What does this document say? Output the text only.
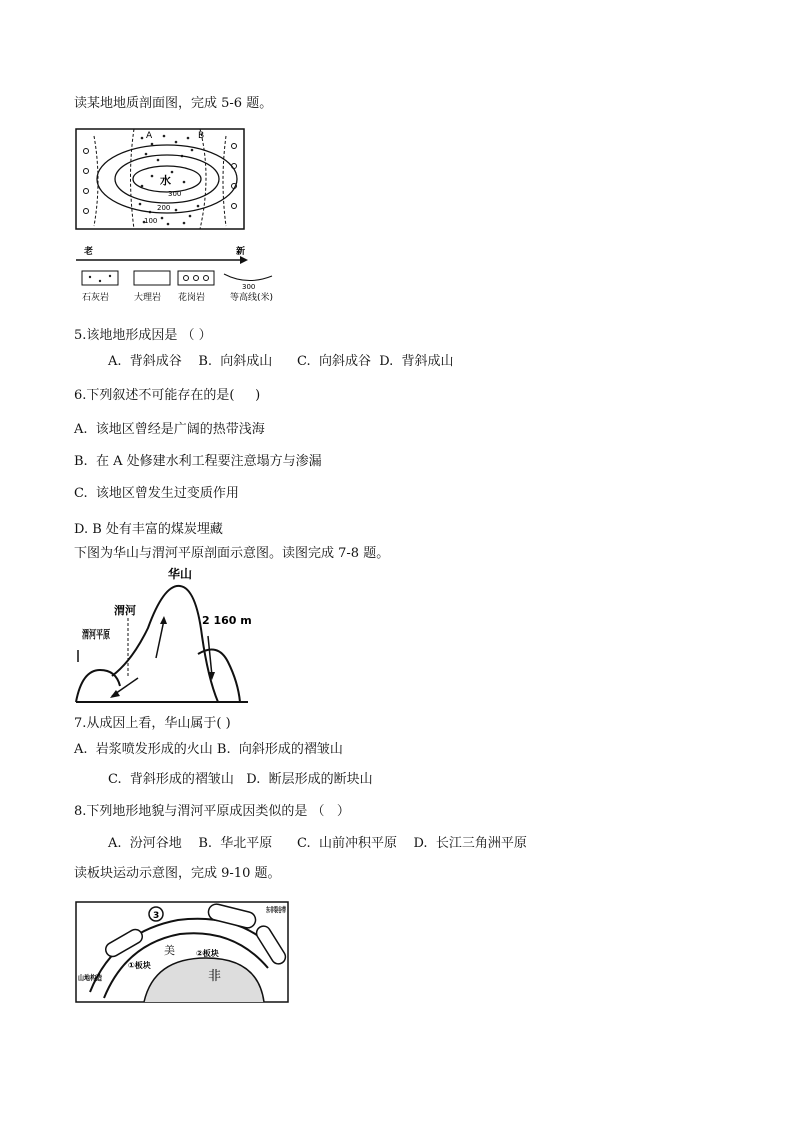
读某地地质剖面图，完成 5-6 题。
A	B
水
300
200
100
老	新
300
石灰岩	大理岩 花岗岩	等高线(米)
5.该地地形成因是 （ ）
A.  背斜成谷    B.  向斜成山      C.  向斜成谷  D.  背斜成山
6.下列叙述不可能存在的是(     )
A.  该地区曾经是广阔的热带浅海
B.  在 A 处修建水利工程要注意塌方与渗漏
C.  该地区曾发生过变质作用
D. B 处有丰富的煤炭埋藏
下图为华山与渭河平原剖面示意图。读图完成 7-8 题。
华山
渭河
2 160 m
渭河平原
7.从成因上看，华山属于( )
A.  岩浆喷发形成的火山 B.  向斜形成的褶皱山
C.  背斜形成的褶皱山   D.  断层形成的断块山
8.下列地形地貌与渭河平原成因类似的是 （   ）
A.  汾河谷地    B.  华北平原      C.  山前冲积平原    D.  长江三角洲平原
读板块运动示意图，完成 9-10 题。
3
①板块
②板块
非
美
东非裂谷带
山地构造
